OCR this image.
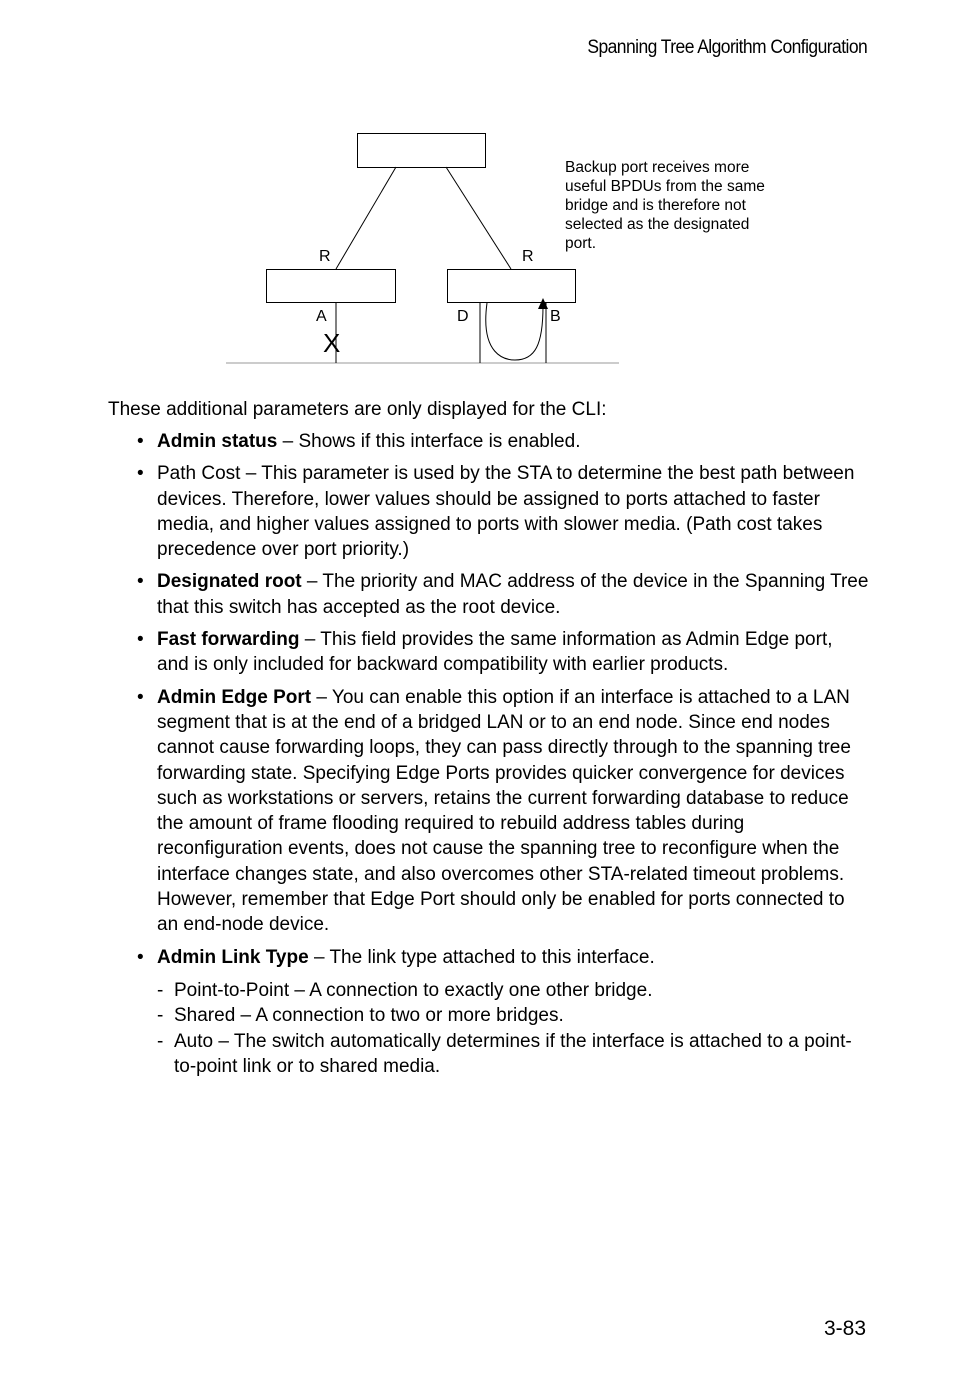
Spanning Tree Algorithm Configuration
R	R
A	D	B
X
Backup port receives more useful BPDUs from the same bridge and is therefore not selected as the designated port.
These additional parameters are only displayed for the CLI:
• Admin status – Shows if this interface is enabled.
• Path Cost – This parameter is used by the STA to determine the best path between devices. Therefore, lower values should be assigned to ports attached to faster media, and higher values assigned to ports with slower media. (Path cost takes precedence over port priority.)
• Designated root – The priority and MAC address of the device in the Spanning Tree that this switch has accepted as the root device.
• Fast forwarding – This field provides the same information as Admin Edge port, and is only included for backward compatibility with earlier products.
• Admin Edge Port – You can enable this option if an interface is attached to a LAN segment that is at the end of a bridged LAN or to an end node. Since end nodes cannot cause forwarding loops, they can pass directly through to the spanning tree forwarding state. Specifying Edge Ports provides quicker convergence for devices such as workstations or servers, retains the current forwarding database to reduce the amount of frame flooding required to rebuild address tables during reconfiguration events, does not cause the spanning tree to reconfigure when the interface changes state, and also overcomes other STA-related timeout problems. However, remember that Edge Port should only be enabled for ports connected to an end-node device.
• Admin Link Type – The link type attached to this interface.
- Point-to-Point – A connection to exactly one other bridge.
- Shared – A connection to two or more bridges.
- Auto – The switch automatically determines if the interface is attached to a point-to-point link or to shared media.
3-83
